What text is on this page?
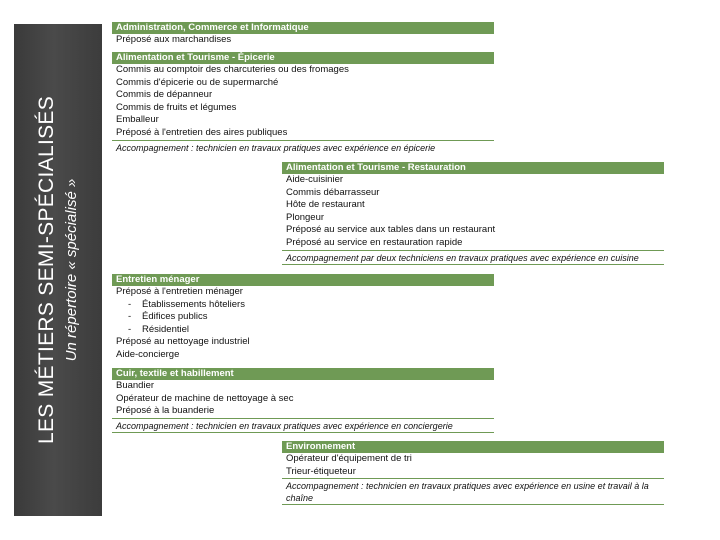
LES MÉTIERS SEMI-SPÉCIALISÉS Un répertoire « spécialisé »
Administration, Commerce et Informatique
Préposé aux marchandises
Alimentation et Tourisme - Épicerie
Commis au comptoir des charcuteries ou des fromages
Commis d'épicerie ou de supermarché
Commis de dépanneur
Commis de fruits et légumes
Emballeur
Préposé à l'entretien des aires publiques
Accompagnement : technicien en travaux pratiques avec expérience en épicerie
Alimentation et Tourisme - Restauration
Aide-cuisinier
Commis débarrasseur
Hôte de restaurant
Plongeur
Préposé au service aux tables dans un restaurant
Préposé au service en restauration rapide
Accompagnement par deux techniciens en travaux pratiques avec expérience en cuisine
Entretien ménager
Préposé à l'entretien ménager
- Établissements hôteliers
- Édifices publics
- Résidentiel
Préposé au nettoyage industriel
Aide-concierge
Cuir, textile et habillement
Buandier
Opérateur de machine de nettoyage à sec
Préposé à la buanderie
Accompagnement : technicien en travaux pratiques avec expérience en conciergerie
Environnement
Opérateur d'équipement de tri
Trieur-étiqueteur
Accompagnement : technicien en travaux pratiques avec expérience en usine et travail à la chaîne
